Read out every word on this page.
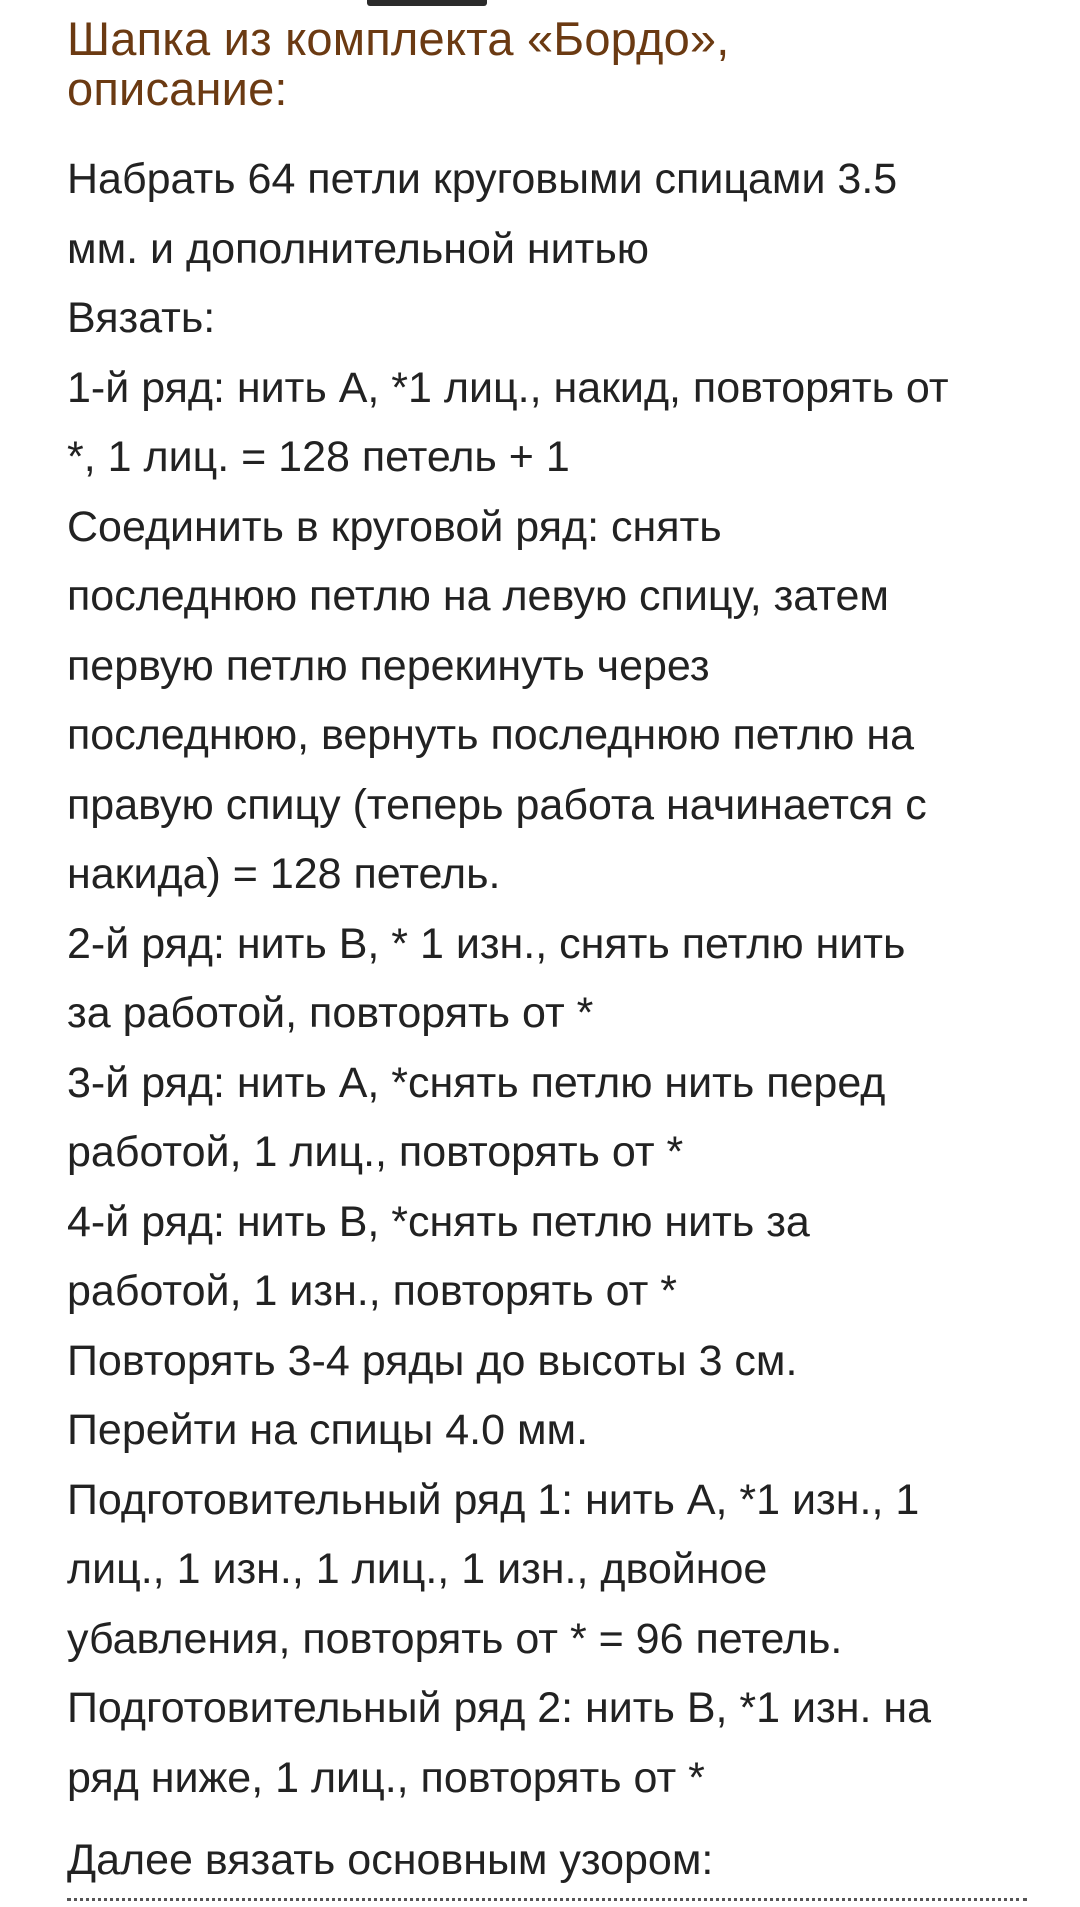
Шапка из комплекта «Бордо»,
описание:
Набрать 64 петли круговыми спицами 3.5
мм. и дополнительной нитью
Вязать:
1-й ряд: нить А, *1 лиц., накид, повторять от
*, 1 лиц. = 128 петель + 1
Соединить в круговой ряд: снять
последнюю петлю на левую спицу, затем
первую петлю перекинуть через
последнюю, вернуть последнюю петлю на
правую спицу (теперь работа начинается с
накида) = 128 петель.
2-й ряд: нить В, * 1 изн., снять петлю нить
за работой, повторять от *
3-й ряд: нить А, *снять петлю нить перед
работой, 1 лиц., повторять от *
4-й ряд: нить В, *снять петлю нить за
работой, 1 изн., повторять от *
Повторять 3-4 ряды до высоты 3 см.
Перейти на спицы 4.0 мм.
Подготовительный ряд 1: нить А, *1 изн., 1
лиц., 1 изн., 1 лиц., 1 изн., двойное
убавления, повторять от * = 96 петель.
Подготовительный ряд 2: нить В, *1 изн. на
ряд ниже, 1 лиц., повторять от *
Далее вязать основным узором:
